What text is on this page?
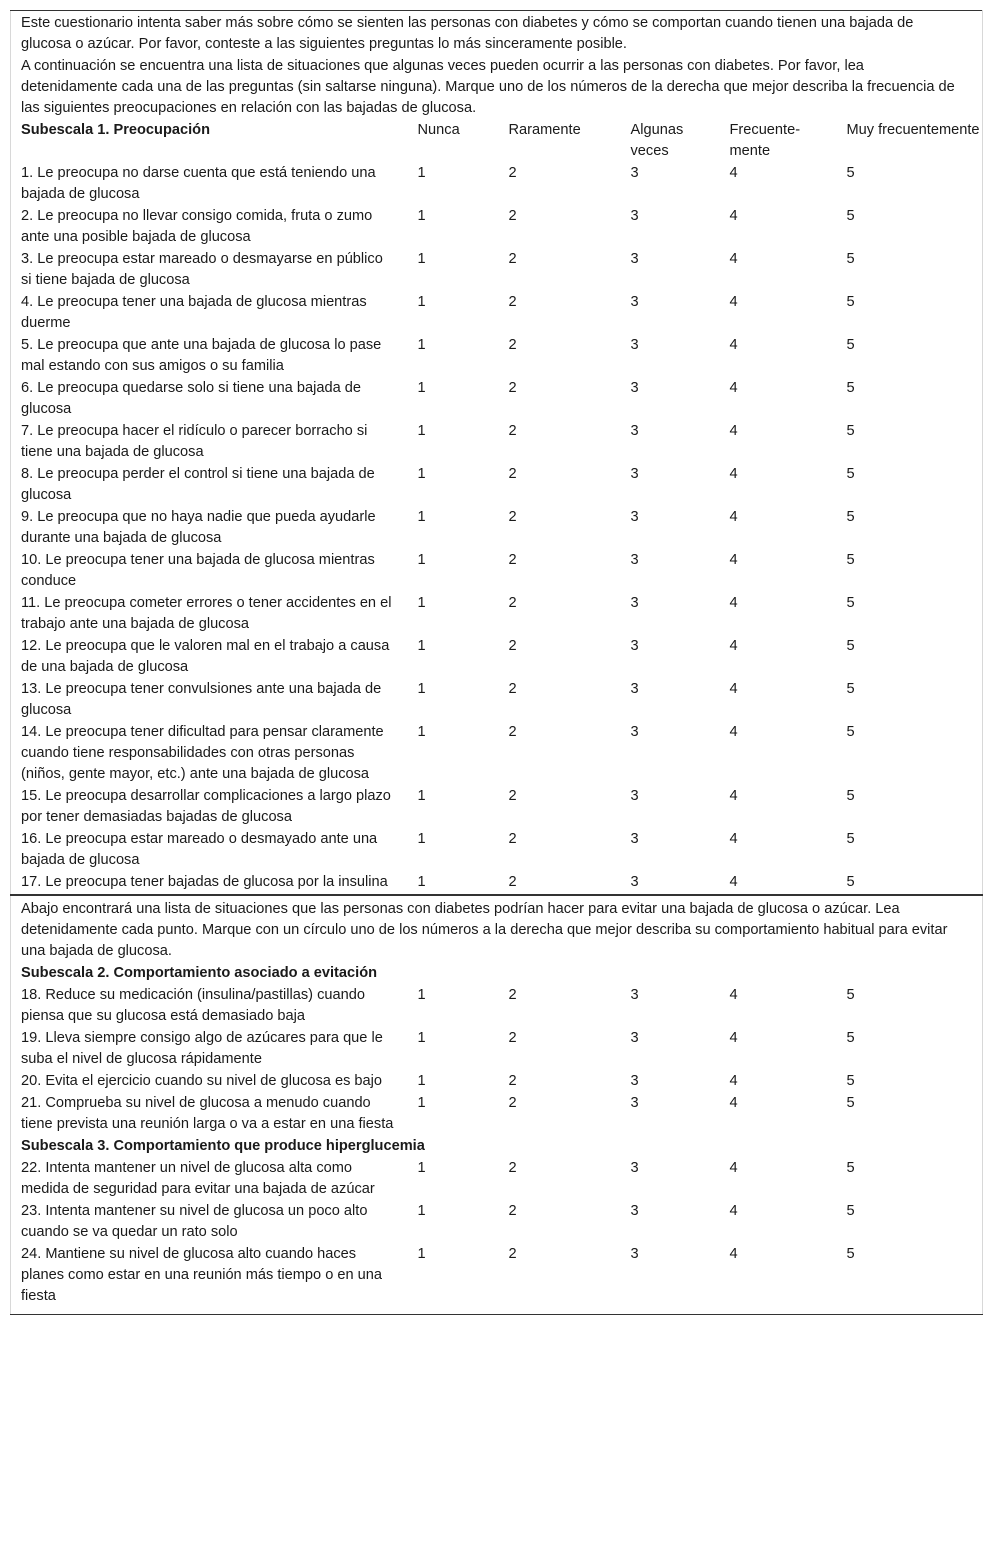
Este cuestionario intenta saber más sobre cómo se sienten las personas con diabetes y cómo se comportan cuando tienen una bajada de glucosa o azúcar. Por favor, conteste a las siguientes preguntas lo más sinceramente posible.					
A continuación se encuentra una lista de situaciones que algunas veces pueden ocurrir a las personas con diabetes. Por favor, lea detenidamente cada una de las preguntas (sin saltarse ninguna). Marque uno de los números de la derecha que mejor describa la frecuencia de las siguientes preocupaciones en relación con las bajadas de glucosa.					
Subescala 1. Preocupación	Nunca	Raramente	Algunas veces	Frecuente-mente	Muy frecuentemente
1. Le preocupa no darse cuenta que está teniendo una bajada de glucosa	1	2	3	4	5
2. Le preocupa no llevar consigo comida, fruta o zumo ante una posible bajada de glucosa	1	2	3	4	5
3. Le preocupa estar mareado o desmayarse en público si tiene bajada de glucosa	1	2	3	4	5
4. Le preocupa tener una bajada de glucosa mientras duerme	1	2	3	4	5
5. Le preocupa que ante una bajada de glucosa lo pase mal estando con sus amigos o su familia	1	2	3	4	5
6. Le preocupa quedarse solo si tiene una bajada de glucosa	1	2	3	4	5
7. Le preocupa hacer el ridículo o parecer borracho si tiene una bajada de glucosa	1	2	3	4	5
8. Le preocupa perder el control si tiene una bajada de glucosa	1	2	3	4	5
9. Le preocupa que no haya nadie que pueda ayudarle durante una bajada de glucosa	1	2	3	4	5
10. Le preocupa tener una bajada de glucosa mientras conduce	1	2	3	4	5
11. Le preocupa cometer errores o tener accidentes en el trabajo ante una bajada de glucosa	1	2	3	4	5
12. Le preocupa que le valoren mal en el trabajo a causa de una bajada de glucosa	1	2	3	4	5
13. Le preocupa tener convulsiones ante una bajada de glucosa	1	2	3	4	5
14. Le preocupa tener dificultad para pensar claramente cuando tiene responsabilidades con otras personas (niños, gente mayor, etc.) ante una bajada de glucosa	1	2	3	4	5
15. Le preocupa desarrollar complicaciones a largo plazo por tener demasiadas bajadas de glucosa	1	2	3	4	5
16. Le preocupa estar mareado o desmayado ante una bajada de glucosa	1	2	3	4	5
17. Le preocupa tener bajadas de glucosa por la insulina	1	2	3	4	5
Abajo encontrará una lista de situaciones que las personas con diabetes podrían hacer para evitar una bajada de glucosa o azúcar. Lea detenidamente cada punto. Marque con un círculo uno de los números a la derecha que mejor describa su comportamiento habitual para evitar una bajada de glucosa.					
Subescala 2. Comportamiento asociado a evitación					
18. Reduce su medicación (insulina/pastillas) cuando piensa que su glucosa está demasiado baja	1	2	3	4	5
19. Lleva siempre consigo algo de azúcares para que le suba el nivel de glucosa rápidamente	1	2	3	4	5
20. Evita el ejercicio cuando su nivel de glucosa es bajo	1	2	3	4	5
21. Comprueba su nivel de glucosa a menudo cuando tiene prevista una reunión larga o va a estar en una fiesta	1	2	3	4	5
Subescala 3. Comportamiento que produce hiperglucemia					
22. Intenta mantener un nivel de glucosa alta como medida de seguridad para evitar una bajada de azúcar	1	2	3	4	5
23. Intenta mantener su nivel de glucosa un poco alto cuando se va quedar un rato solo	1	2	3	4	5
24. Mantiene su nivel de glucosa alto cuando haces planes como estar en una reunión más tiempo o en una fiesta	1	2	3	4	5
